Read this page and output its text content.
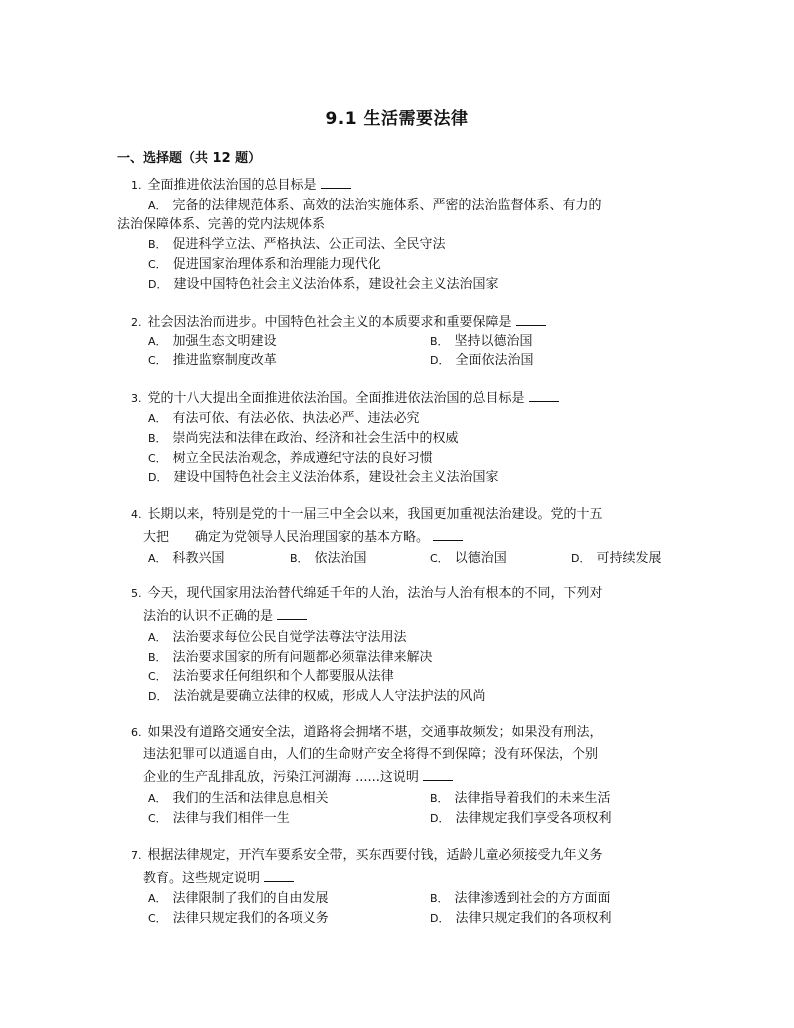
9.1 生活需要法律
一、选择题（共 12 题）
1. 全面推进依法治国的总目标是
A． 完备的法律规范体系、高效的法治实施体系、严密的法治监督体系、有力的
法治保障体系、完善的党内法规体系
B． 促进科学立法、严格执法、公正司法、全民守法
C． 促进国家治理体系和治理能力现代化
D． 建设中国特色社会主义法治体系，建设社会主义法治国家
2. 社会因法治而进步。中国特色社会主义的本质要求和重要保障是
A． 加强生态文明建设	B． 坚持以德治国
C． 推进监察制度改革	D． 全面依法治国
3. 党的十八大提出全面推进依法治国。全面推进依法治国的总目标是
A． 有法可依、有法必依、执法必严、违法必究
B． 崇尚宪法和法律在政治、经济和社会生活中的权威
C． 树立全民法治观念，养成遵纪守法的良好习惯
D． 建设中国特色社会主义法治体系，建设社会主义法治国家
4. 长期以来，特别是党的十一届三中全会以来，我国更加重视法治建设。党的十五
大把　　确定为党领导人民治理国家的基本方略。
A． 科教兴国	B． 依法治国	C． 以德治国	D． 可持续发展
5. 今天，现代国家用法治替代绵延千年的人治，法治与人治有根本的不同，下列对
法治的认识不正确的是
A． 法治要求每位公民自觉学法尊法守法用法
B． 法治要求国家的所有问题都必须靠法律来解决
C． 法治要求任何组织和个人都要服从法律
D． 法治就是要确立法律的权威，形成人人守法护法的风尚
6. 如果没有道路交通安全法，道路将会拥堵不堪，交通事故频发；如果没有刑法，
违法犯罪可以逍遥自由，人们的生命财产安全将得不到保障；没有环保法，个别
企业的生产乱排乱放，污染江河湖海 ......这说明
A． 我们的生活和法律息息相关	B． 法律指导着我们的未来生活
C． 法律与我们相伴一生	D． 法律规定我们享受各项权利
7. 根据法律规定，开汽车要系安全带，买东西要付钱，适龄儿童必须接受九年义务
教育。这些规定说明
A． 法律限制了我们的自由发展	B． 法律渗透到社会的方方面面
C． 法律只规定我们的各项义务	D． 法律只规定我们的各项权利
